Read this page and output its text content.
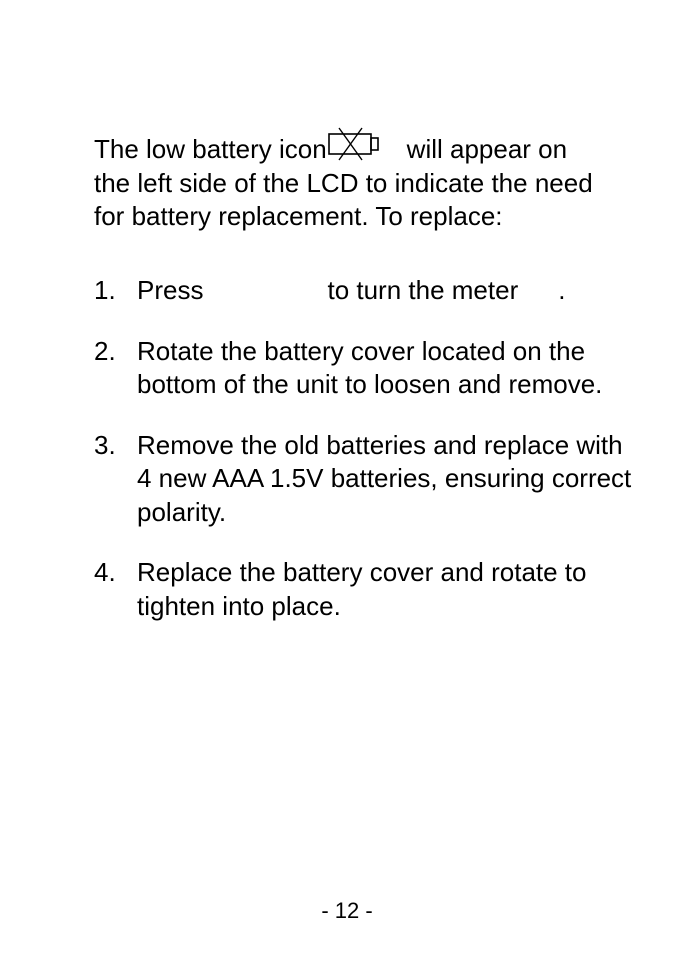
The low battery icon	will appear on the left side of the LCD to indicate the need for battery replacement. To replace:
1. Press	to turn the meter .
2. Rotate the battery cover located on the bottom of the unit to loosen and remove.
3. Remove the old batteries and replace with 4 new AAA 1.5V batteries, ensuring correct polarity.
4. Replace the battery cover and rotate to tighten into place.
- 12 -
